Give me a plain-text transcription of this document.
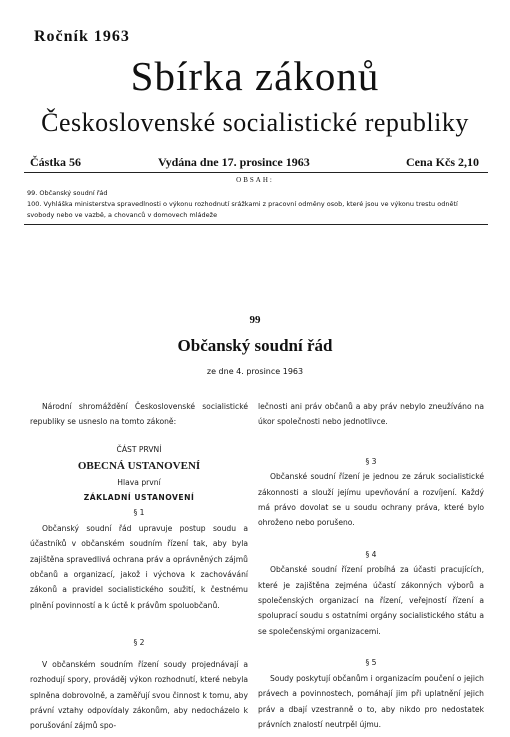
Ročník 1963
Sbírka zákonů
Československé socialistické republiky
Částka 56	Vydána dne 17. prosince 1963	Cena Kčs 2,10
OBSAH:
99. Občanský soudní řád
100. Vyhláška ministerstva spravedlnosti o výkonu rozhodnutí srážkami z pracovní odměny osob, které jsou ve výkonu trestu odnětí svobody nebo ve vazbě, a chovanců v domovech mládeže
99
Občanský soudní řád
ze dne 4. prosince 1963

Národní shromáždění Československé socialistické republiky se usneslo na tomto zákoně:

ČÁST PRVNÍ

OBECNÁ USTANOVENÍ

Hlava první

ZÁKLADNÍ USTANOVENÍ

§ 1

Občanský soudní řád upravuje postup soudu a účastníků v občanském soudním řízení tak, aby byla zajištěna spravedlivá ochrana práv a oprávněných zájmů občanů a organizací, jakož i výchova k zachovávání zákonů a pravidel socialistického soužití, k čestnému plnění povinností a k úctě k právům spoluobčanů.

§ 2

V občanském soudním řízení soudy projednávají a rozhodují spory, prováděj výkon rozhodnutí, které nebyla splněna dobrovolně, a zaměřují svou činnost k tomu, aby právní vztahy odpovídaly zákonům, aby nedocházelo k porušování zájmů spo-

lečnosti ani práv občanů a aby práv nebylo zneužíváno na úkor společnosti nebo jednotlivce.

§ 3

Občanské soudní řízení je jednou ze záruk socialistické zákonnosti a slouží jejímu upevňování a rozvíjení. Každý má právo dovolat se u soudu ochrany práva, které bylo ohroženo nebo porušeno.

§ 4

Občanské soudní řízení probíhá za účasti pracujících, které je zajištěna zejména účastí zákonných výborů a společenských organizací na řízení, veřejností řízení a spoluprací soudu s ostatními orgány socialistického státu a se společenskými organizacemi.

§ 5

Soudy poskytují občanům i organizacím poučení o jejich právech a povinnostech, pomáhají jim při uplatnění jejich práv a dbají vzestranně o to, aby nikdo pro nedostatek právních znalostí neutrpěl újmu.
